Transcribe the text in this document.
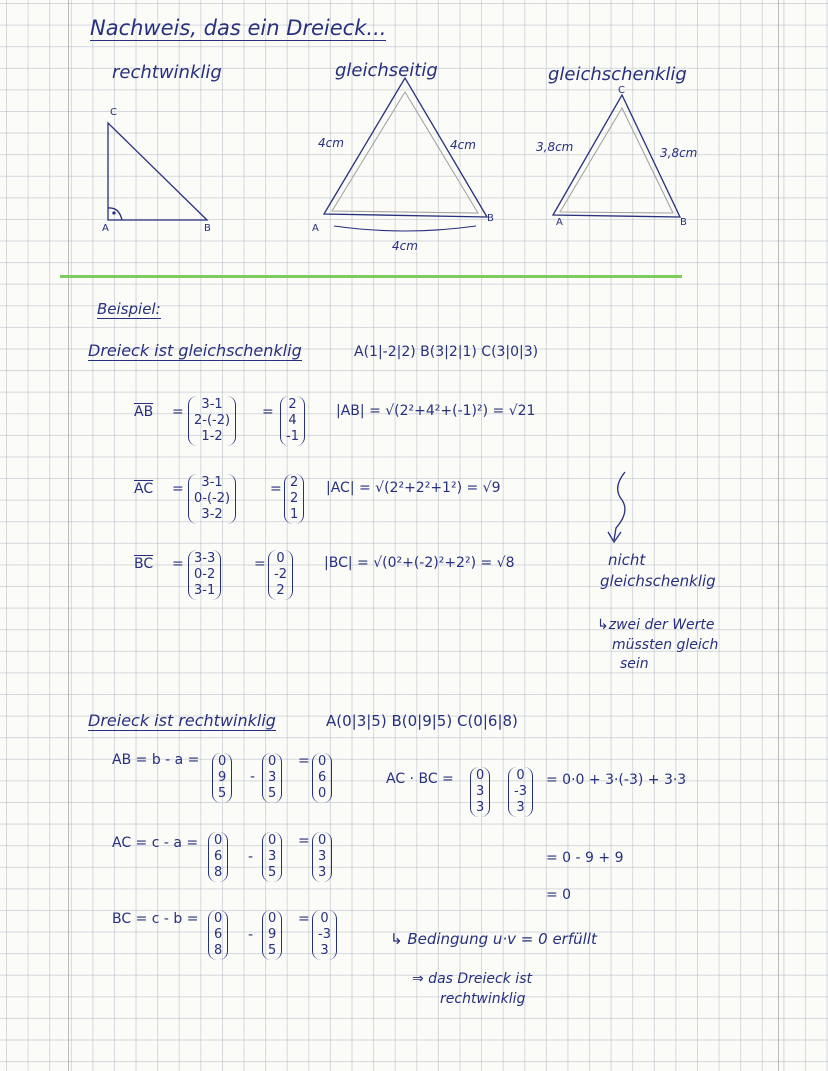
Nachweis, das ein Dreieck...
rechtwinklig	gleichseitig	gleichschenklig
C
A	B	A
B
4cm	4cm
4cm
C
A	B
3,8cm	3,8cm
Beispiel:
Dreieck ist gleichschenklig	A(1|-2|2) B(3|2|1) C(3|0|3)
$\overline{AB} = 3-1$
2-(-2)
1-2
= 2
4
-1
|AB| = √(2²+4²+(-1)²) = √21
$\overline{AC} = 3-1$
0-(-2)
3-2
= 2
2
1
|AC| = √(2²+2²+1²) = √9
$\overline{BC} = 3-3$
0-2
3-1
= 0
-2
2
|BC| = √(0²+(-2)²+2²) = √8	nicht
gleichschenklig
↳zwei der Werte
müssten gleich
sein
Dreieck ist rechtwinklig	A(0|3|5) B(0|9|5) C(0|6|8)
AB = b - a = 0
9
5
-
0
3
5
= 0
6
0
AC = c - a = 0
6
8
-
0
3
5
= 0
3
3
BC = c - b = 0
6
8
-
0
9
5
= 0
-3
3
AC · BC = 0
3
3
0
-3
3
= 0·0 + 3·(-3) + 3·3
= 0 - 9 + 9
= 0
↳ Bedingung u·v = 0 erfüllt
⇒ das Dreieck ist
rechtwinklig
